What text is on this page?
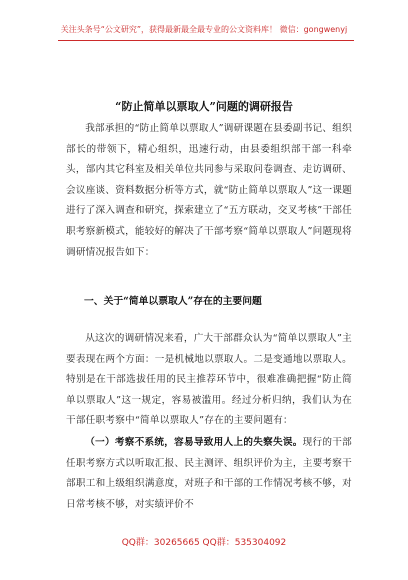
关注头条号“公文研究”，获得最新最全最专业的公文资料库！ 微信：gongwenyj
“防止简单以票取人”问题的调研报告

我部承担的“防止简单以票取人”调研课题在县委副书记、组织部长的带领下，精心组织，迅速行动，由县委组织部干部一科牵头，部内其它科室及相关单位共同参与采取问卷调查、走访调研、会议座谈、资料数据分析等方式，就“防止简单以票取人”这一课题进行了深入调查和研究，探索建立了“五方联动，交叉考核”干部任职考察新模式，能较好的解决了干部考察“简单以票取人”问题现将调研情况报告如下：

一、关于“简单以票取人”存在的主要问题

从这次的调研情况来看，广大干部群众认为“简单以票取人”主要表现在两个方面：一是机械地以票取人。二是变通地以票取人。特别是在干部选拔任用的民主推荐环节中，很难准确把握“防止简单以票取人”这一规定，容易被滥用。经过分析归纳，我们认为在干部任职考察中“简单以票取人”存在的主要问题有：

（一）考察不系统，容易导致用人上的失察失误。现行的干部任职考察方式以听取汇报、民主测评、组织评价为主，主要考察干部职工和上级组织满意度，对班子和干部的工作情况考核不够，对日常考核不够，对实绩评价不

QQ群：30265665 QQ群：535304092
